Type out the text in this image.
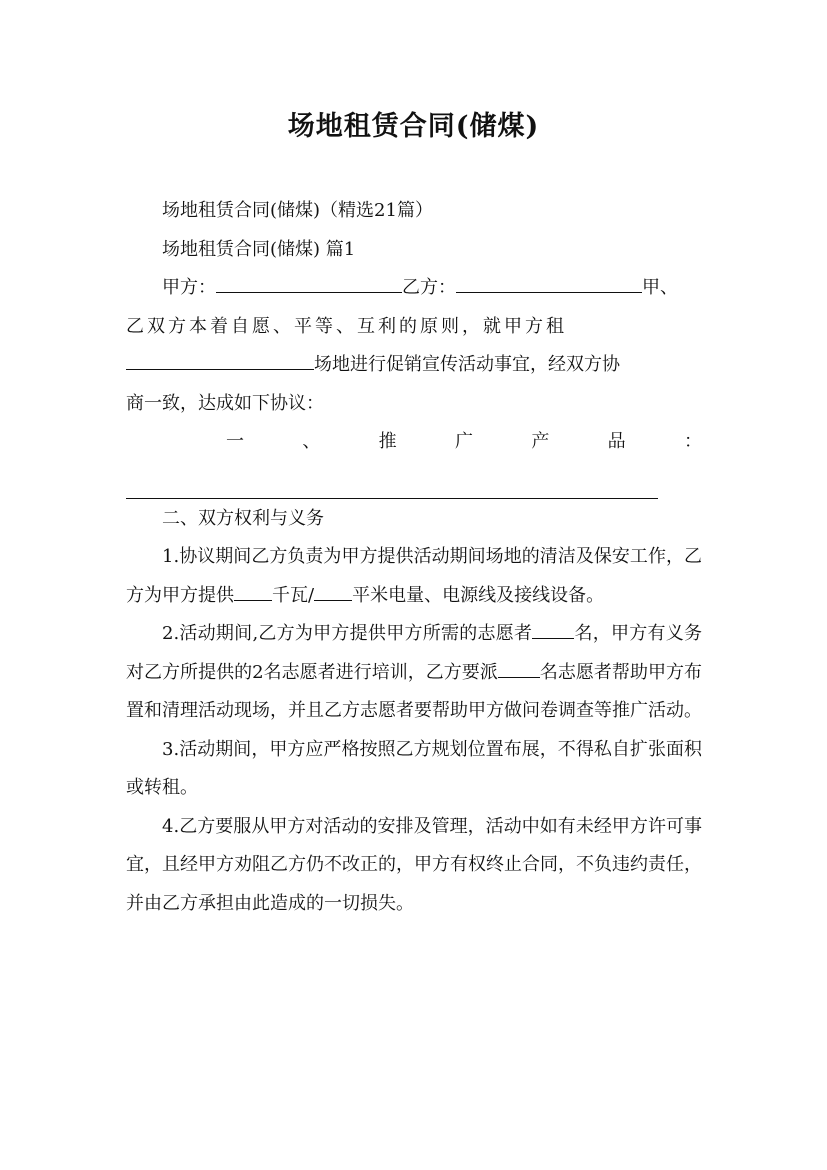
场地租赁合同(储煤)

场地租赁合同(储煤)（精选21篇）

场地租赁合同(储煤) 篇1

甲方：	乙方：	甲、

乙双方本着自愿、平等、互利的原则，就甲方租

场地进行促销宣传活动事宜，经双方协

商一致，达成如下协议：

一	、	推	广	产	品	：

二、双方权利与义务

1.协议期间乙方负责为甲方提供活动期间场地的清洁及保安工作，乙方为甲方提供 千瓦/ 平米电量、电源线及接线设备。

2.活动期间,乙方为甲方提供甲方所需的志愿者 名，甲方有义务对乙方所提供的2名志愿者进行培训，乙方要派 名志愿者帮助甲方布置和清理活动现场，并且乙方志愿者要帮助甲方做问卷调查等推广活动。

3.活动期间，甲方应严格按照乙方规划位置布展，不得私自扩张面积或转租。

4.乙方要服从甲方对活动的安排及管理，活动中如有未经甲方许可事宜，且经甲方劝阻乙方仍不改正的，甲方有权终止合同，不负违约责任，并由乙方承担由此造成的一切损失。
